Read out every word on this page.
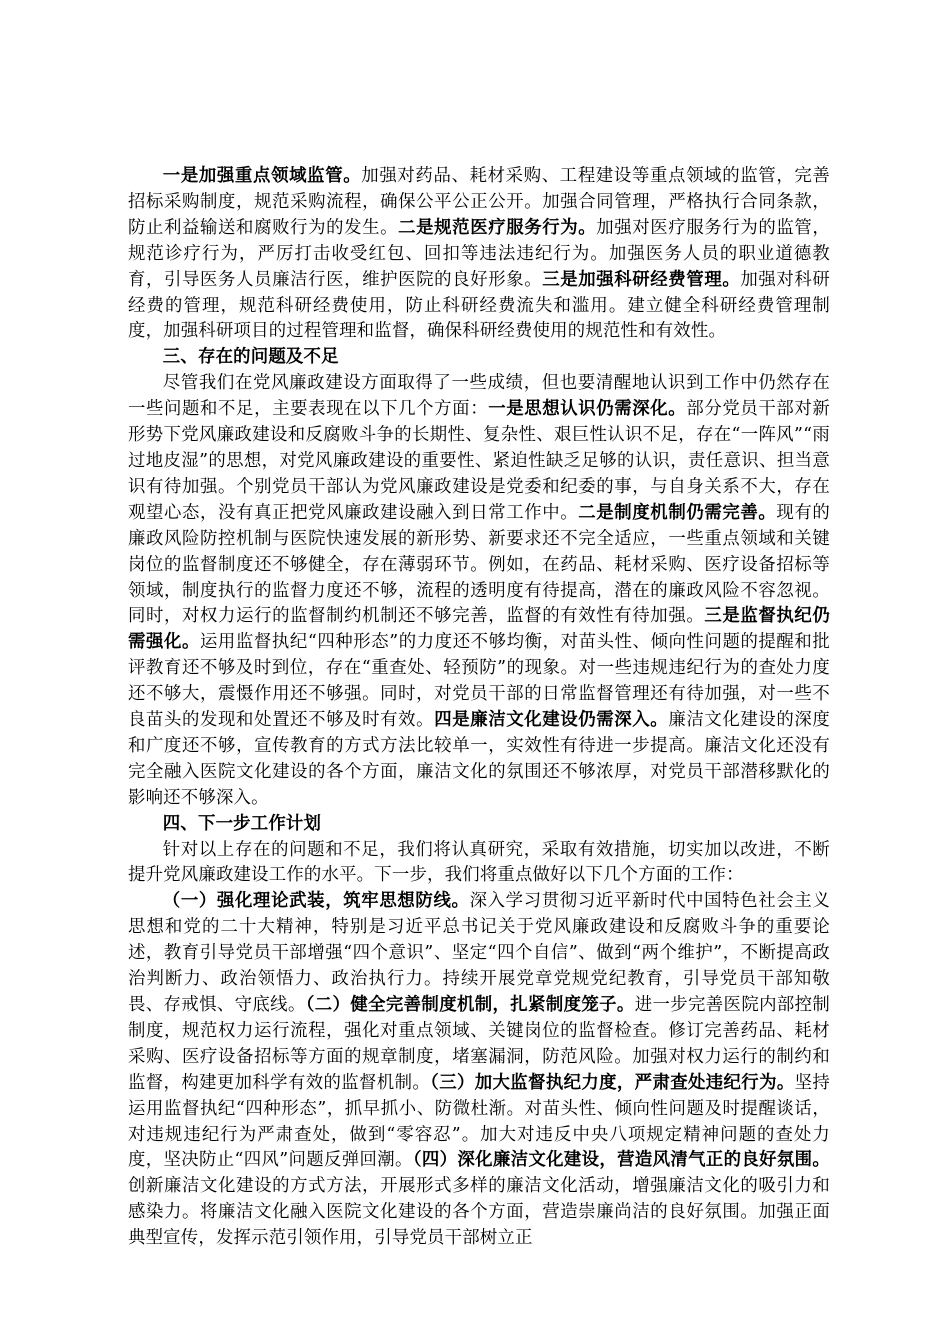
一是加强重点领域监管。加强对药品、耗材采购、工程建设等重点领域的监管，完善招标采购制度，规范采购流程，确保公平公正公开。加强合同管理，严格执行合同条款，防止利益输送和腐败行为的发生。二是规范医疗服务行为。加强对医疗服务行为的监管，规范诊疗行为，严厉打击收受红包、回扣等违法违纪行为。加强医务人员的职业道德教育，引导医务人员廉洁行医，维护医院的良好形象。三是加强科研经费管理。加强对科研经费的管理，规范科研经费使用，防止科研经费流失和滥用。建立健全科研经费管理制度，加强科研项目的过程管理和监督，确保科研经费使用的规范性和有效性。

三、存在的问题及不足

尽管我们在党风廉政建设方面取得了一些成绩，但也要清醒地认识到工作中仍然存在一些问题和不足，主要表现在以下几个方面：一是思想认识仍需深化。部分党员干部对新形势下党风廉政建设和反腐败斗争的长期性、复杂性、艰巨性认识不足，存在“一阵风”“雨过地皮湿”的思想，对党风廉政建设的重要性、紧迫性缺乏足够的认识，责任意识、担当意识有待加强。个别党员干部认为党风廉政建设是党委和纪委的事，与自身关系不大，存在观望心态，没有真正把党风廉政建设融入到日常工作中。二是制度机制仍需完善。现有的廉政风险防控机制与医院快速发展的新形势、新要求还不完全适应，一些重点领域和关键岗位的监督制度还不够健全，存在薄弱环节。例如，在药品、耗材采购、医疗设备招标等领域，制度执行的监督力度还不够，流程的透明度有待提高，潜在的廉政风险不容忽视。同时，对权力运行的监督制约机制还不够完善，监督的有效性有待加强。三是监督执纪仍需强化。运用监督执纪“四种形态”的力度还不够均衡，对苗头性、倾向性问题的提醒和批评教育还不够及时到位，存在“重查处、轻预防”的现象。对一些违规违纪行为的查处力度还不够大，震慑作用还不够强。同时，对党员干部的日常监督管理还有待加强，对一些不良苗头的发现和处置还不够及时有效。四是廉洁文化建设仍需深入。廉洁文化建设的深度和广度还不够，宣传教育的方式方法比较单一，实效性有待进一步提高。廉洁文化还没有完全融入医院文化建设的各个方面，廉洁文化的氛围还不够浓厚，对党员干部潜移默化的影响还不够深入。

四、下一步工作计划

针对以上存在的问题和不足，我们将认真研究，采取有效措施，切实加以改进，不断提升党风廉政建设工作的水平。下一步，我们将重点做好以下几个方面的工作：

（一）强化理论武装，筑牢思想防线。深入学习贯彻习近平新时代中国特色社会主义思想和党的二十大精神，特别是习近平总书记关于党风廉政建设和反腐败斗争的重要论述，教育引导党员干部增强“四个意识”、坚定“四个自信”、做到“两个维护”，不断提高政治判断力、政治领悟力、政治执行力。持续开展党章党规党纪教育，引导党员干部知敬畏、存戒惧、守底线。（二）健全完善制度机制，扎紧制度笼子。进一步完善医院内部控制制度，规范权力运行流程，强化对重点领域、关键岗位的监督检查。修订完善药品、耗材采购、医疗设备招标等方面的规章制度，堵塞漏洞，防范风险。加强对权力运行的制约和监督，构建更加科学有效的监督机制。（三）加大监督执纪力度，严肃查处违纪行为。坚持运用监督执纪“四种形态”，抓早抓小、防微杜渐。对苗头性、倾向性问题及时提醒谈话，对违规违纪行为严肃查处，做到“零容忍”。加大对违反中央八项规定精神问题的查处力度，坚决防止“四风”问题反弹回潮。（四）深化廉洁文化建设，营造风清气正的良好氛围。创新廉洁文化建设的方式方法，开展形式多样的廉洁文化活动，增强廉洁文化的吸引力和感染力。将廉洁文化融入医院文化建设的各个方面，营造崇廉尚洁的良好氛围。加强正面典型宣传，发挥示范引领作用，引导党员干部树立正
